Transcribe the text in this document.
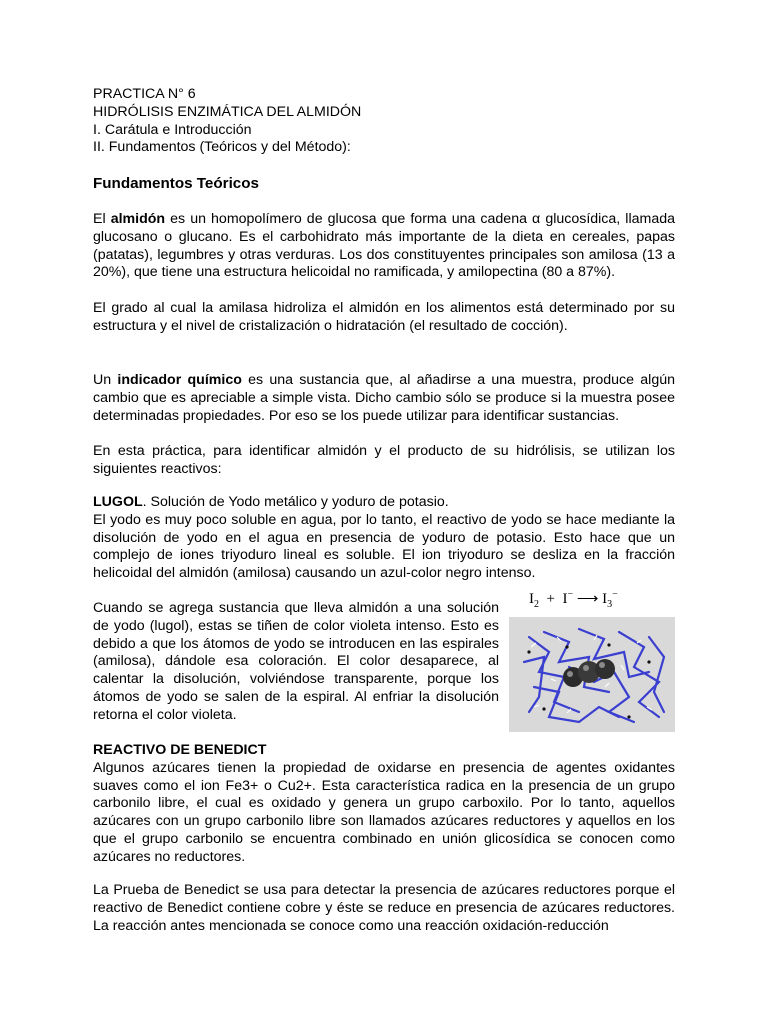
PRACTICA N° 6
HIDRÓLISIS ENZIMÁTICA DEL ALMIDÓN
I. Carátula e Introducción
II. Fundamentos (Teóricos y del Método):
Fundamentos Teóricos

El almidón es un homopolímero de glucosa que forma una cadena α glucosídica, llamada glucosano o glucano. Es el carbohidrato más importante de la dieta en cereales, papas (patatas), legumbres y otras verduras. Los dos constituyentes principales son amilosa (13 a 20%), que tiene una estructura helicoidal no ramificada, y amilopectina (80 a 87%).

El grado al cual la amilasa hidroliza el almidón en los alimentos está determinado por su estructura y el nivel de cristalización o hidratación (el resultado de cocción).

Un indicador químico es una sustancia que, al añadirse a una muestra, produce algún cambio que es apreciable a simple vista. Dicho cambio sólo se produce si la muestra posee determinadas propiedades. Por eso se los puede utilizar para identificar sustancias.

En esta práctica, para identificar almidón y el producto de su hidrólisis, se utilizan los siguientes reactivos:

LUGOL. Solución de Yodo metálico y yoduro de potasio.

El yodo es muy poco soluble en agua, por lo tanto, el reactivo de yodo se hace mediante la disolución de yodo en el agua en presencia de yoduro de potasio. Esto hace que un complejo de iones triyoduro lineal es soluble. El ion triyoduro se desliza en la fracción helicoidal del almidón (amilosa) causando un azul-color negro intenso.

Cuando se agrega sustancia que lleva almidón a una solución de yodo (lugol), estas se tiñen de color violeta intenso. Esto es debido a que los átomos de yodo se introducen en las espirales (amilosa), dándole esa coloración. El color desaparece, al calentar la disolución, volviéndose transparente, porque los átomos de yodo se salen de la espiral. Al enfriar la disolución retorna el color violeta.

$I_2 + I^-$ ⟶ $I_3^-$

REACTIVO DE BENEDICT

Algunos azúcares tienen la propiedad de oxidarse en presencia de agentes oxidantes suaves como el ion Fe3+ o Cu2+. Esta característica radica en la presencia de un grupo carbonilo libre, el cual es oxidado y genera un grupo carboxilo. Por lo tanto, aquellos azúcares con un grupo carbonilo libre son llamados azúcares reductores y aquellos en los que el grupo carbonilo se encuentra combinado en unión glicosídica se conocen como azúcares no reductores.

La Prueba de Benedict se usa para detectar la presencia de azúcares reductores porque el reactivo de Benedict contiene cobre y éste se reduce en presencia de azúcares reductores. La reacción antes mencionada se conoce como una reacción oxidación-reducción
